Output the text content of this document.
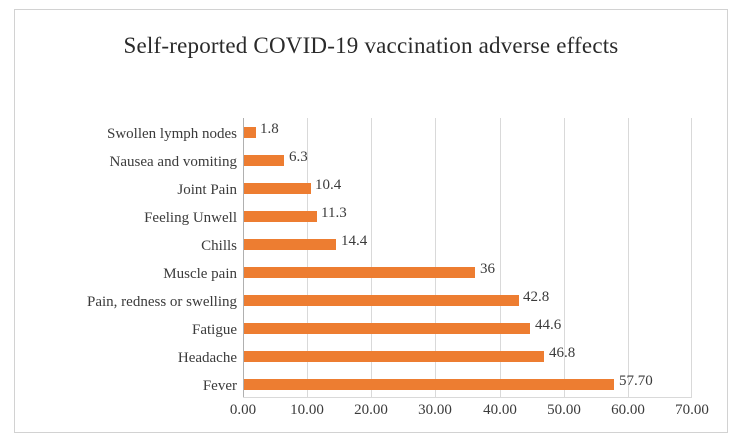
Self-reported COVID-19 vaccination adverse effects
Swollen lymph nodes
Nausea and vomiting
Joint Pain
Feeling Unwell
Chills
Muscle pain
Pain, redness or swelling
Fatigue
Headache
Fever
1.8
6.3
10.4
11.3
14.4
36
42.8
44.6
46.8
57.70
0.00 10.00 20.00 30.00 40.00 50.00 60.00 70.00
